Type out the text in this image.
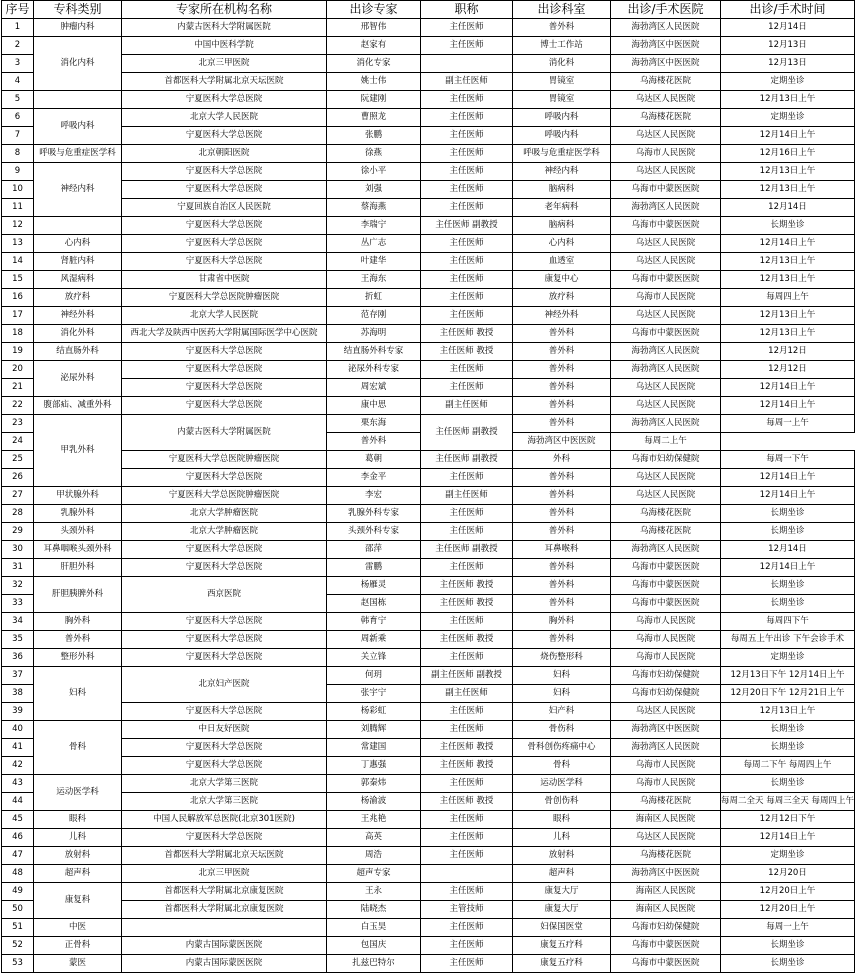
序号	专科类别	专家所在机构名称	出诊专家	职称	出诊科室	出诊/手术医院	出诊/手术时间
1	肿瘤内科	内蒙古医科大学附属医院	邢智伟	主任医师	普外科	海勃湾区人民医院	12月14日
2	消化内科	中国中医科学院	赵家有	主任医师	博士工作站	海勃湾区中医医院	12月13日
3		北京三甲医院	消化专家		消化科	海勃湾区中医医院	12月13日
4		首都医科大学附属北京天坛医院	姚士伟	副主任医师	胃镜室	乌海楼花医院	定期坐诊
5		宁夏医科大学总医院	阮建刚	主任医师	胃镜室	乌达区人民医院	12月13日上午
6	呼吸内科	北京大学人民医院	曹照龙	主任医师	呼吸内科	乌海楼花医院	定期坐诊
7		宁夏医科大学总医院	张鹏	主任医师	呼吸内科	乌达区人民医院	12月14日上午
8	呼吸与危重症医学科	北京朝阳医院	徐燕	主任医师	呼吸与危重症医学科	乌海市人民医院	12月16日上午
9	神经内科	宁夏医科大学总医院	徐小平	主任医师	神经内科	乌达区人民医院	12月13日上午
10		宁夏医科大学总医院	刘强	主任医师	脑病科	乌海市中蒙医医院	12月13日上午
11		宁夏回族自治区人民医院	蔡海燕	主任医师	老年病科	海勃湾区人民医院	12月14日
12		宁夏医科大学总医院	李瑞宁	主任医师 副教授	脑病科	乌海市中蒙医医院	长期坐诊
13	心内科	宁夏医科大学总医院	丛广志	主任医师	心内科	乌达区人民医院	12月14日上午
14	肾脏内科	宁夏医科大学总医院	叶建华	主任医师	血透室	乌达区人民医院	12月13日上午
15	风湿病科	甘肃省中医院	王海东	主任医师	康复中心	乌海市中蒙医医院	12月13日上午
16	放疗科	宁夏医科大学总医院肿瘤医院	折虹	主任医师	放疗科	乌海市人民医院	每周四上午
17	神经外科	北京大学人民医院	范存刚	主任医师	神经外科	乌达区人民医院	12月13日上午
18	消化外科	西北大学及陕西中医药大学附属国际医学中心医院	苏海明	主任医师 教授	普外科	乌海市中蒙医医院	12月13日上午
19	结直肠外科	宁夏医科大学总医院	结直肠外科专家	主任医师 教授	普外科	海勃湾区人民医院	12月12日
20	泌尿外科	宁夏医科大学总医院	泌尿外科专家	主任医师	普外科	海勃湾区人民医院	12月12日
21		宁夏医科大学总医院	周宏斌	主任医师	普外科	乌达区人民医院	12月14日上午
22	腹部疝、减重外科	宁夏医科大学总医院	康中思	副主任医师	普外科	乌达区人民医院	12月14日上午
23	甲乳外科	内蒙古医科大学附属医院	栗东海	主任医师 副教授	普外科	海勃湾区人民医院	每周一上午
24			普外科		海勃湾区中医医院	每周二上午	
25		宁夏医科大学总医院肿瘤医院	葛朝	主任医师 副教授	外科	乌海市妇幼保健院	每周一下午
26		宁夏医科大学总医院	李金平	主任医师	普外科	乌达区人民医院	12月14日上午
27	甲状腺外科	宁夏医科大学总医院肿瘤医院	李宏	副主任医师	普外科	乌达区人民医院	12月14日上午
28	乳腺外科	北京大学肿瘤医院	乳腺外科专家	主任医师	普外科	乌海楼花医院	长期坐诊
29	头颈外科	北京大学肿瘤医院	头颈外科专家	主任医师	普外科	乌海楼花医院	长期坐诊
30	耳鼻咽喉头颈外科	宁夏医科大学总医院	邵萍	主任医师 副教授	耳鼻喉科	海勃湾区人民医院	12月14日
31	肝胆外科	宁夏医科大学总医院	雷鹏	主任医师	普外科	乌海市中蒙医医院	12月14日上午
32	肝胆胰脾外科	西京医院	杨雁灵	主任医师 教授	普外科	乌海市中蒙医医院	长期坐诊
33			赵国栋	主任医师 教授	普外科	乌海市中蒙医医院	长期坐诊
34	胸外科	宁夏医科大学总医院	韩育宁	主任医师	胸外科	乌海市人民医院	每周四下午
35	普外科	宁夏医科大学总医院	周新乘	主任医师 教授	普外科	乌海市人民医院	每周五上午出诊 下午会诊手术
36	整形外科	宁夏医科大学总医院	关立锋	主任医师	烧伤整形科	乌海市人民医院	定期坐诊
37	妇科	北京妇产医院	何玥	副主任医师 副教授	妇科	乌海市妇幼保健院	12月13日下午 12月14日上午
38			张宇宁	副主任医师	妇科	乌海市妇幼保健院	12月20日下午 12月21日上午
39		宁夏医科大学总医院	杨彩虹	主任医师	妇产科	乌达区人民医院	12月13日上午
40	骨科	中日友好医院	刘腾辉	主任医师	骨伤科	海勃湾区中医医院	长期坐诊
41		宁夏医科大学总医院	常建国	主任医师 教授	骨科创伤疼痛中心	海勃湾区人民医院	长期坐诊
42		宁夏医科大学总医院	丁惠强	主任医师 教授	骨科	乌海市人民医院	每周二下午 每周四上午
43	运动医学科	北京大学第三医院	郭秦炜	主任医师	运动医学科	乌海市人民医院	长期坐诊
44		北京大学第三医院	杨渝波	主任医师 教授	骨创伤科	乌海楼花医院	每周二全天 每周三全天 每周四上午
45	眼科	中国人民解放军总医院(北京301医院)	王兆艳	主任医师	眼科	海南区人民医院	12月12日下午
46	儿科	宁夏医科大学总医院	高英	主任医师	儿科	乌达区人民医院	12月14日上午
47	放射科	首都医科大学附属北京天坛医院	周浩	主任医师	放射科	乌海楼花医院	定期坐诊
48	超声科	北京三甲医院	超声专家		超声科	海勃湾区中医医院	12月20日
49	康复科	首都医科大学附属北京康复医院	王永	主任医师	康复大厅	海南区人民医院	12月20日上午
50		首都医科大学附属北京康复医院	陆晓杰	主管技师	康复大厅	海南区人民医院	12月20日上午
51	中医		白玉昊	主任医师	妇保国医堂	乌海市妇幼保健院	每周一上午
52	正骨科	内蒙古国际蒙医医院	包国庆	主任医师	康复五疗科	乌海市中蒙医医院	长期坐诊
53	蒙医	内蒙古国际蒙医医院	扎兹巴特尔	主任医师	康复五疗科	乌海市中蒙医医院	长期坐诊
